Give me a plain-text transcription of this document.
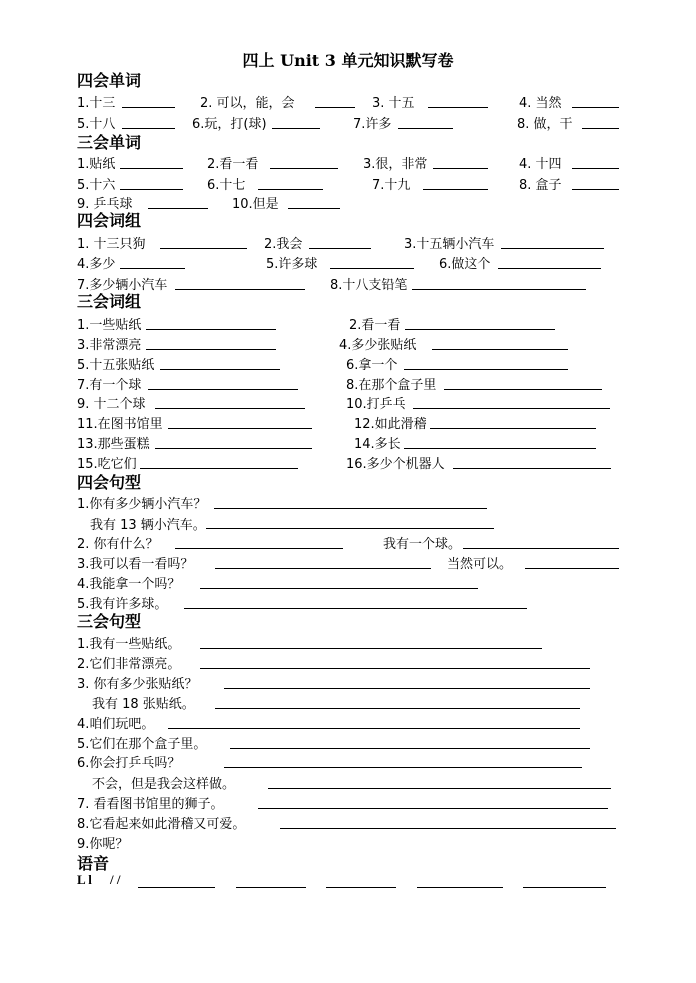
四上 Unit 3 单元知识默写卷
四会单词
1.十三	2. 可以，能，会	3. 十五	4. 当然
5.十八	6.玩，打(球)	7.许多	8. 做，干
三会单词
1.贴纸	2.看一看	3.很，非常	4. 十四
5.十六	6.十七	7.十九	8. 盒子
9. 乒乓球	10.但是
四会词组
1. 十三只狗	2.我会	3.十五辆小汽车
4.多少	5.许多球	6.做这个
7.多少辆小汽车	8.十八支铅笔
三会词组
1.一些贴纸	2.看一看
3.非常漂亮	4.多少张贴纸
5.十五张贴纸	6.拿一个
7.有一个球	8.在那个盒子里
9. 十二个球	10.打乒乓
11.在图书馆里	12.如此滑稽
13.那些蛋糕	14.多长
15.吃它们	16.多少个机器人
四会句型
1.你有多少辆小汽车？
我有 13 辆小汽车。
2. 你有什么？	我有一个球。
3.我可以看一看吗？	当然可以。
4.我能拿一个吗？
5.我有许多球。
三会句型
1.我有一些贴纸。
2.它们非常漂亮。
3. 你有多少张贴纸？
我有 18 张贴纸。
4.咱们玩吧。
5.它们在那个盒子里。
6.你会打乒乓吗？
不会，但是我会这样做。
7. 看看图书馆里的狮子。
8.它看起来如此滑稽又可爱。
9.你呢？
语音
L l / /
